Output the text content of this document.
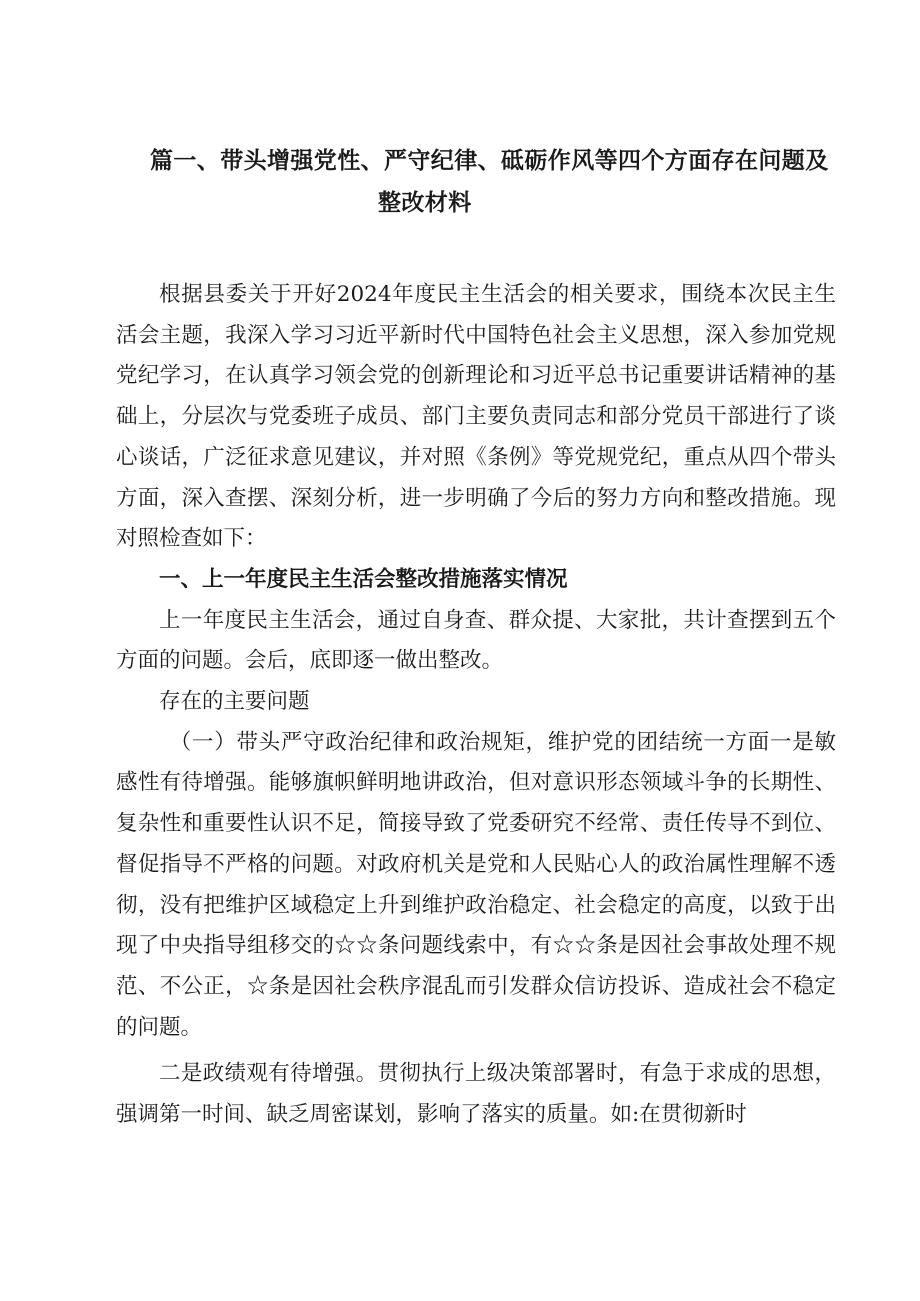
篇一、带头增强党性、严守纪律、砥砺作风等四个方面存在问题及
整改材料

根据县委关于开好2024年度民主生活会的相关要求，围绕本次民主生活会主题，我深入学习习近平新时代中国特色社会主义思想，深入参加党规党纪学习，在认真学习领会党的创新理论和习近平总书记重要讲话精神的基础上，分层次与党委班子成员、部门主要负责同志和部分党员干部进行了谈心谈话，广泛征求意见建议，并对照《条例》等党规党纪，重点从四个带头方面，深入查摆、深刻分析，进一步明确了今后的努力方向和整改措施。现对照检查如下：

一、上一年度民主生活会整改措施落实情况

上一年度民主生活会，通过自身查、群众提、大家批，共计查摆到五个方面的问题。会后，底即逐一做出整改。

存在的主要问题

（一）带头严守政治纪律和政治规矩，维护党的团结统一方面一是敏感性有待增强。能够旗帜鲜明地讲政治，但对意识形态领域斗争的长期性、复杂性和重要性认识不足，简接导致了党委研究不经常、责任传导不到位、督促指导不严格的问题。对政府机关是党和人民贴心人的政治属性理解不透彻，没有把维护区域稳定上升到维护政治稳定、社会稳定的高度，以致于出现了中央指导组移交的☆☆条问题线索中，有☆☆条是因社会事故处理不规范、不公正，☆条是因社会秩序混乱而引发群众信访投诉、造成社会不稳定的问题。

二是政绩观有待增强。贯彻执行上级决策部署时，有急于求成的思想，强调第一时间、缺乏周密谋划，影响了落实的质量。如:在贯彻新时
